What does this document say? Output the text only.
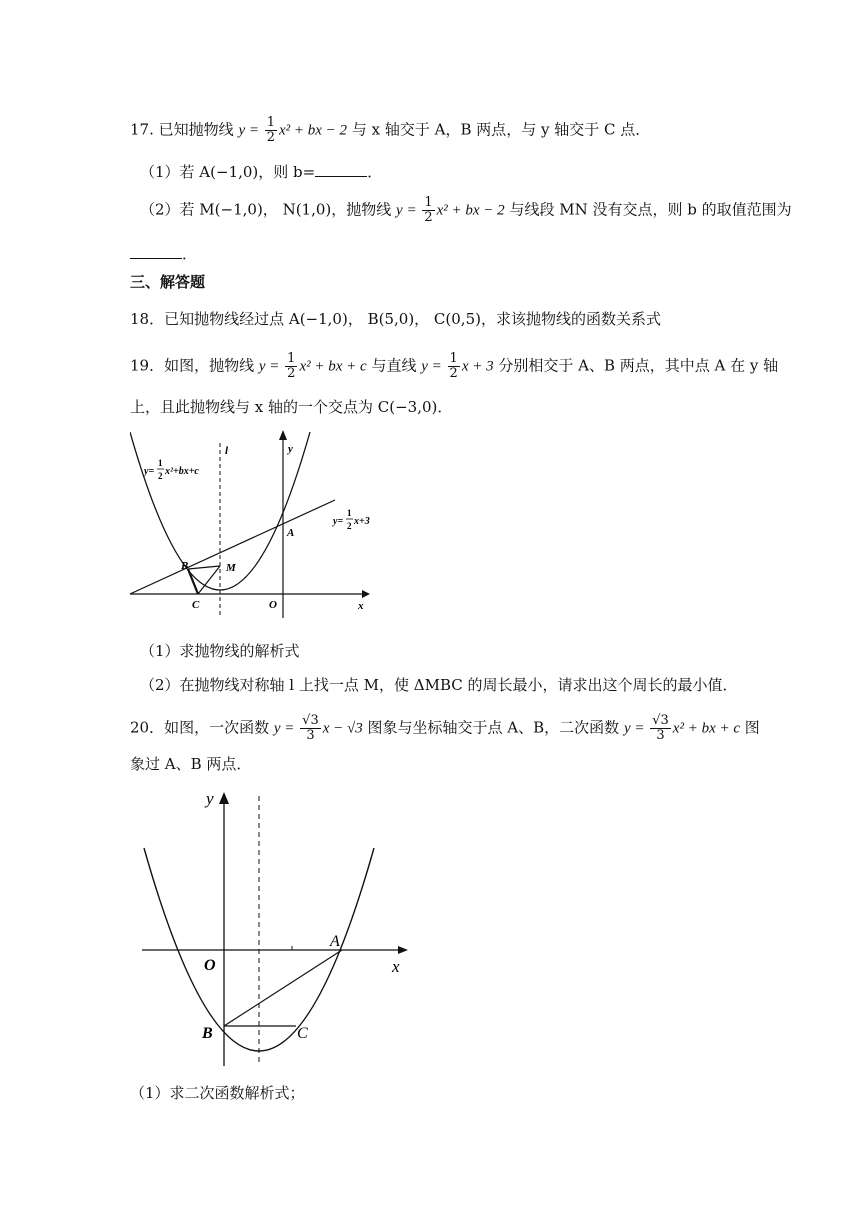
17. 已知抛物线 $y = \frac{1}{2} x^2$ + bx − 2 与 x 轴交于 A，B 两点，与 y 轴交于 C 点．
（1）若 A(−1,0)，则 b=	．
（2）若 M(−1,0)， N(1,0)，抛物线 $y = \frac{1}{2} x^2$ + bx − 2 与线段 MN 没有交点，则 b 的取值范围为
．
三、解答题
18．已知抛物线经过点 A(−1,0)， B(5,0)， C(0,5)，求该抛物线的函数关系式
19．如图，抛物线 $y = \frac{1}{2} x^2$ + bx + c 与直线 $y = \frac{1}{2}$ x + 3 分别相交于 A、B 两点，其中点 A 在 y 轴
上，且此抛物线与 x 轴的一个交点为 C(−3,0)．
y=
1
2 x²+bx+c
y=
1
2 x+3
l	y
x
A
B
C
M
O
（1）求抛物线的解析式
（2）在抛物线对称轴 l 上找一点 M，使 ΔMBC 的周长最小，请求出这个周长的最小值．
20．如图，一次函数 $y = \frac{√3}{3}$ x − √3 图象与坐标轴交于点 A、B，二次函数 $y = \frac{√3}{3} x^2$ + bx + c 图
象过 A、B 两点．
y
x
O
A
B	C
（1）求二次函数解析式；
